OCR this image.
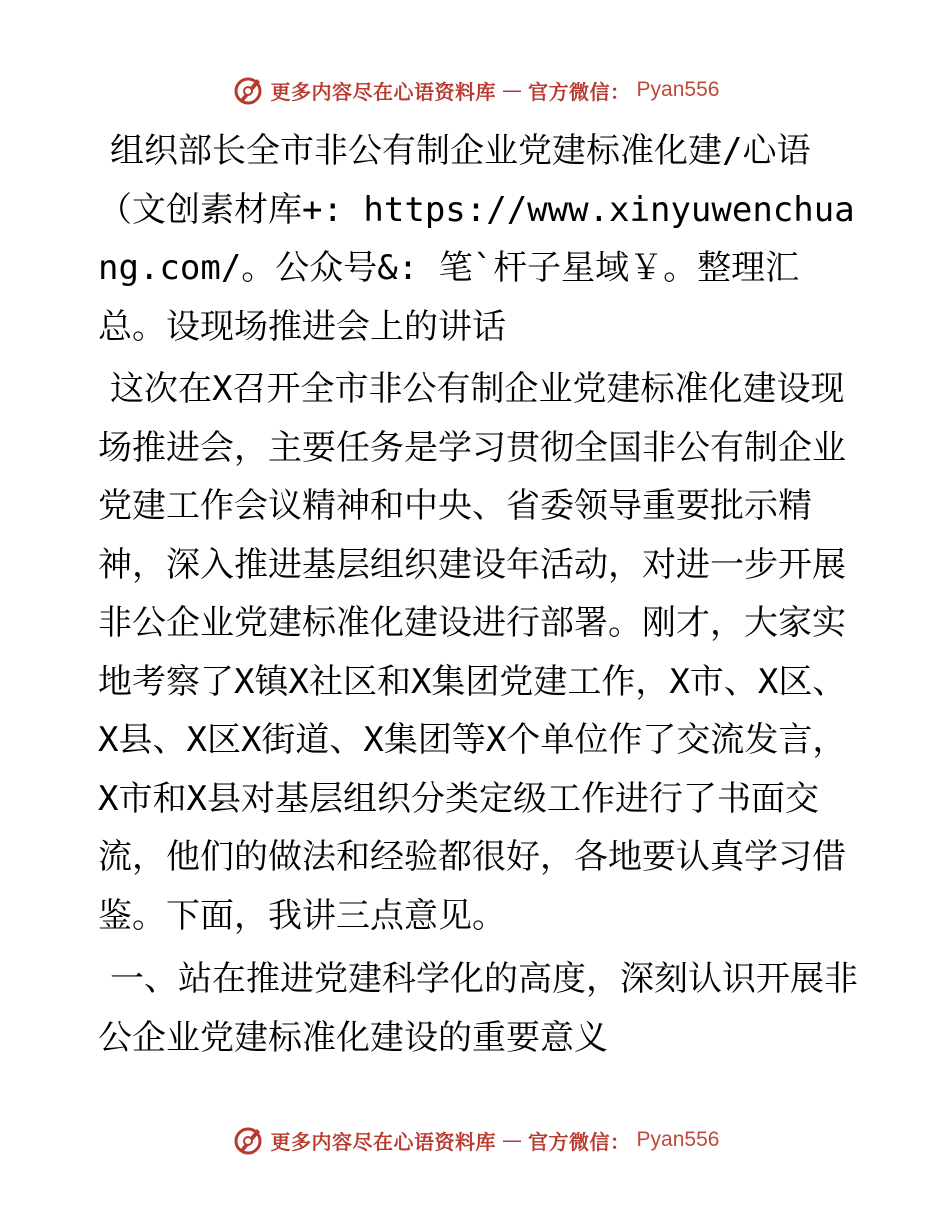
更多内容尽在心语资料库 — 官方微信： Pyan556

组织部长全市非公有制企业党建标准化建/心语（文创素材库+: https://www.xinyuwenchuang.com/。公众号&: 笔`杆子星域￥。整理汇总。设现场推进会上的讲话

这次在X召开全市非公有制企业党建标准化建设现场推进会，主要任务是学习贯彻全国非公有制企业党建工作会议精神和中央、省委领导重要批示精神，深入推进基层组织建设年活动，对进一步开展非公企业党建标准化建设进行部署。刚才，大家实地考察了X镇X社区和X集团党建工作，X市、X区、X县、X区X街道、X集团等X个单位作了交流发言，X市和X县对基层组织分类定级工作进行了书面交流，他们的做法和经验都很好，各地要认真学习借鉴。下面，我讲三点意见。

一、站在推进党建科学化的高度，深刻认识开展非公企业党建标准化建设的重要意义

更多内容尽在心语资料库 — 官方微信： Pyan556
